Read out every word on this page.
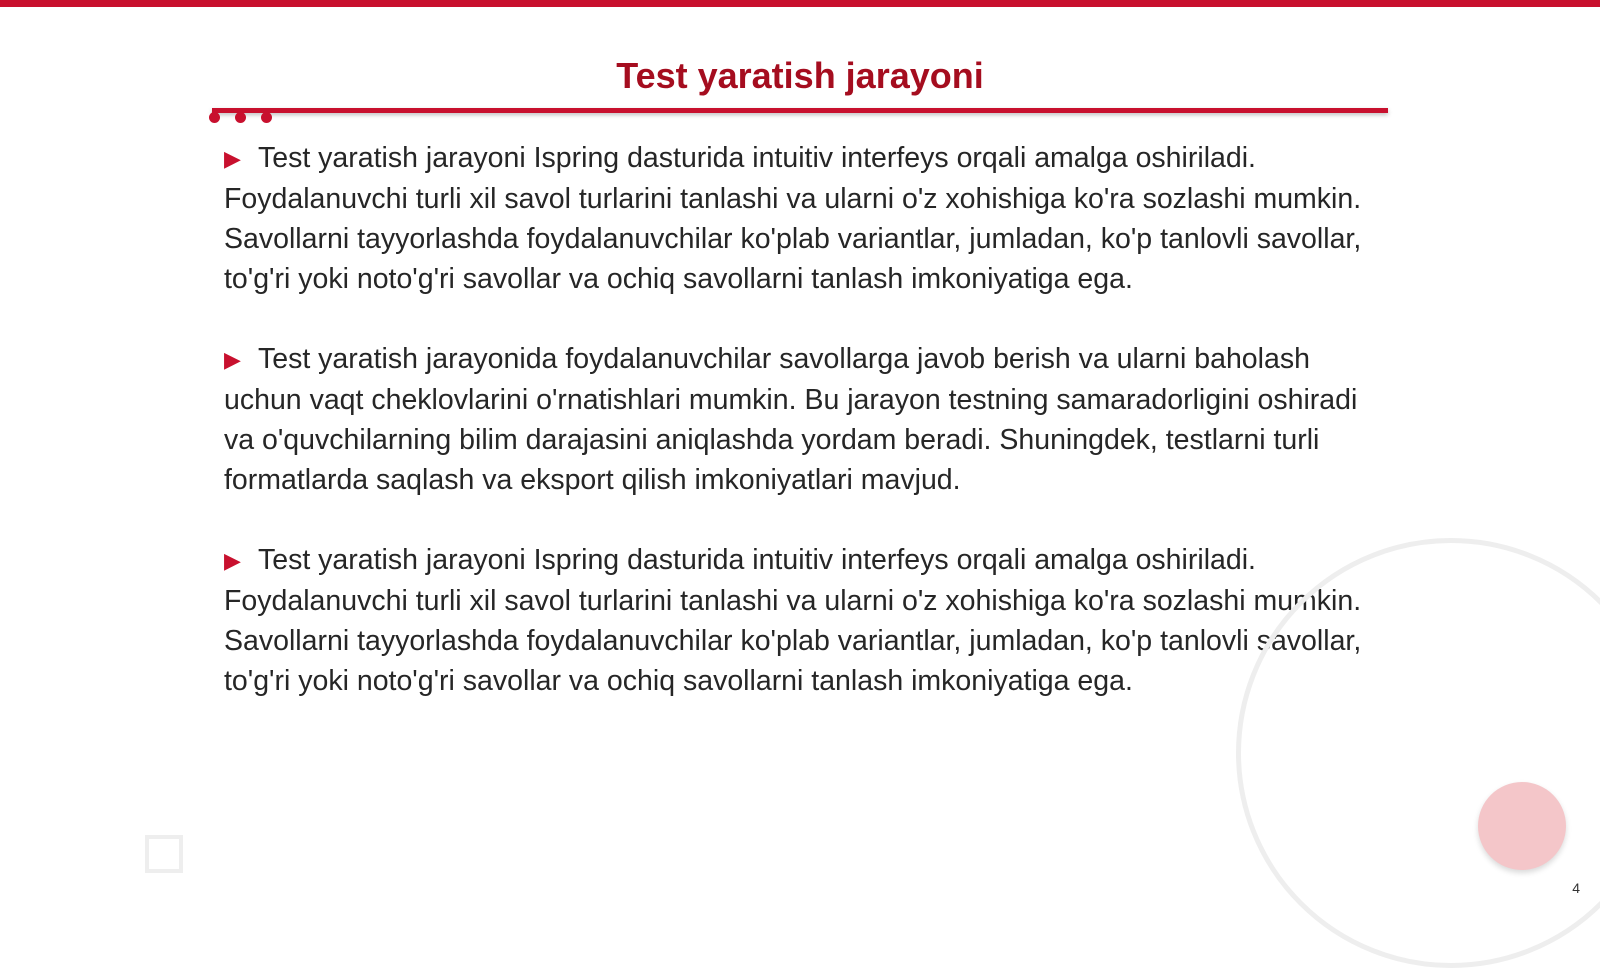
Test yaratish jarayoni

▶ Test yaratish jarayoni Ispring dasturida intuitiv interfeys orqali amalga oshiriladi. Foydalanuvchi turli xil savol turlarini tanlashi va ularni o'z xohishiga ko'ra sozlashi mumkin. Savollarni tayyorlashda foydalanuvchilar ko'plab variantlar, jumladan, ko'p tanlovli savollar, to'g'ri yoki noto'g'ri savollar va ochiq savollarni tanlash imkoniyatiga ega.

▶ Test yaratish jarayonida foydalanuvchilar savollarga javob berish va ularni baholash uchun vaqt cheklovlarini o'rnatishlari mumkin. Bu jarayon testning samaradorligini oshiradi va o'quvchilarning bilim darajasini aniqlashda yordam beradi. Shuningdek, testlarni turli formatlarda saqlash va eksport qilish imkoniyatlari mavjud.

▶ Test yaratish jarayoni Ispring dasturida intuitiv interfeys orqali amalga oshiriladi. Foydalanuvchi turli xil savol turlarini tanlashi va ularni o'z xohishiga ko'ra sozlashi mumkin. Savollarni tayyorlashda foydalanuvchilar ko'plab variantlar, jumladan, ko'p tanlovli savollar, to'g'ri yoki noto'g'ri savollar va ochiq savollarni tanlash imkoniyatiga ega.

4
